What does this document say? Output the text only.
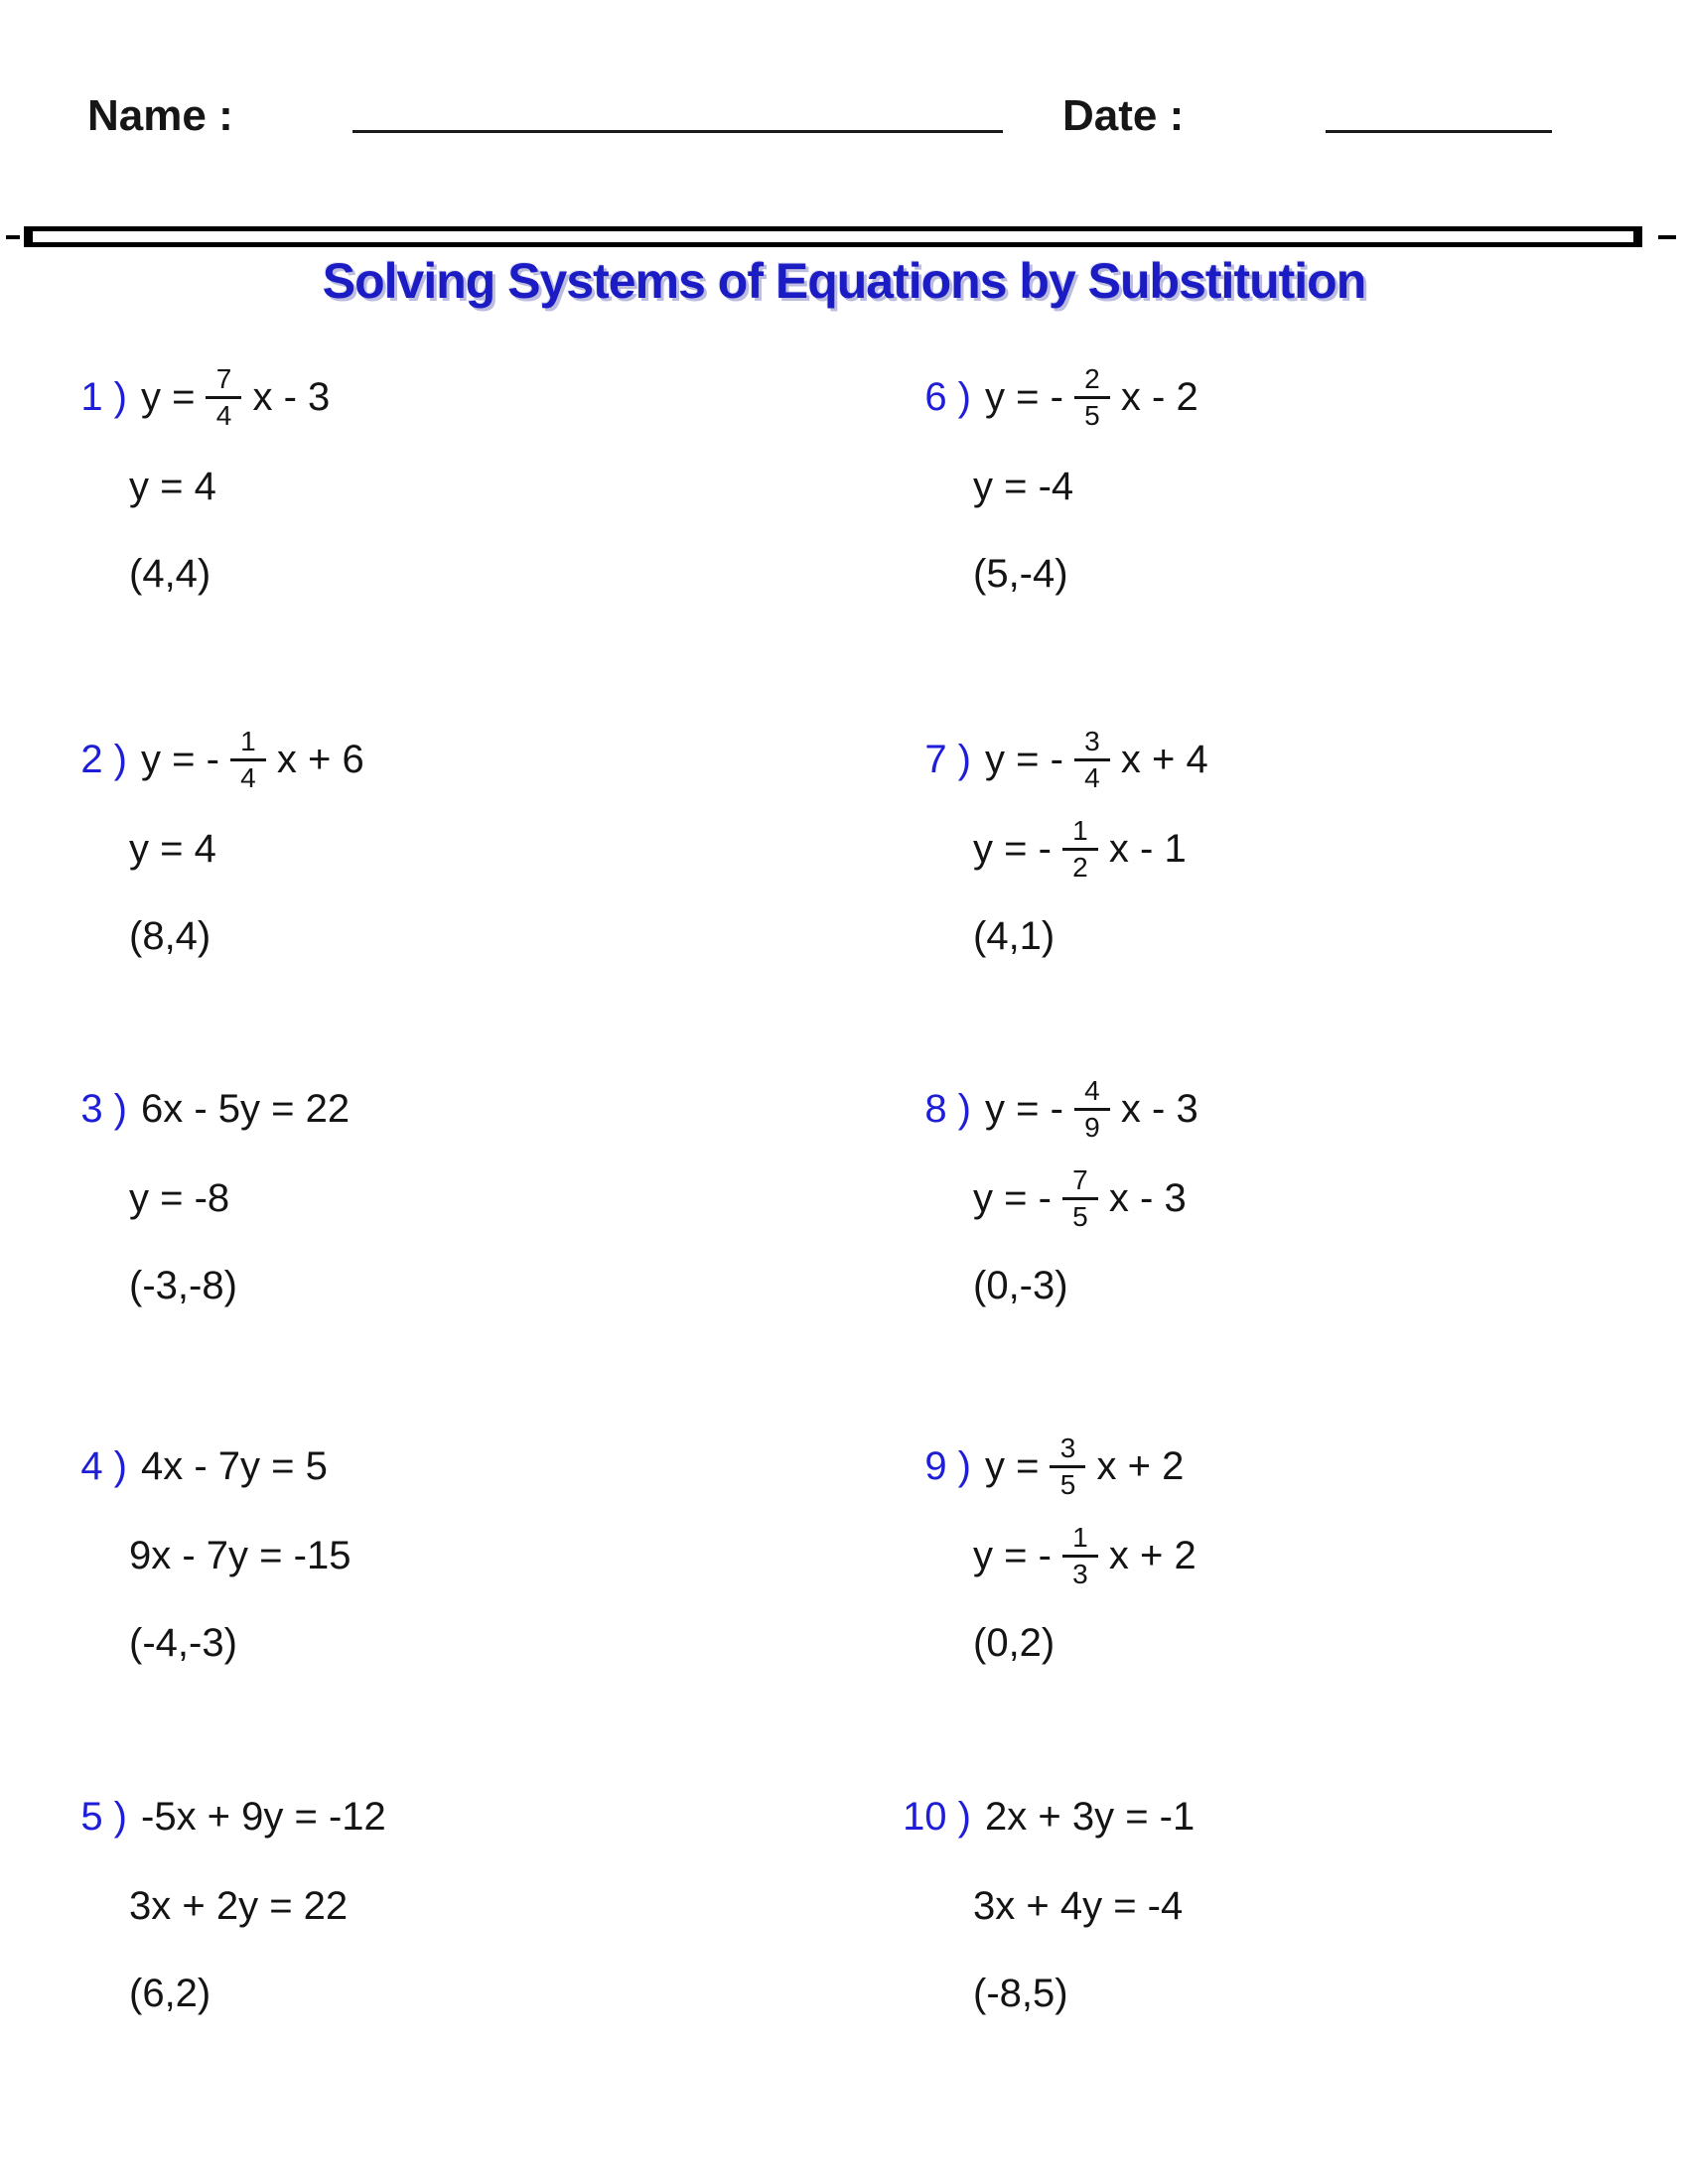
Name :	Date :
Solving Systems of Equations by Substitution
1 ) $y = \frac{7}{4}$ x - 3
y = 4
(4,4)
2 ) y = - $\frac{1}{4}$ x + 6
y = 4
(8,4)
3 ) 6x - 5y = 22
y = -8
(-3,-8)
4 ) 4x - 7y = 5
9x - 7y = -15
(-4,-3)
5 ) -5x + 9y = -12
3x + 2y = 22
(6,2)
6 ) y = - $\frac{2}{5}$ x - 2
y = -4
(5,-4)
7 ) y = - $\frac{3}{4}$ x + 4
y = - $\frac{1}{2}$ x - 1
(4,1)
8 ) y = - $\frac{4}{9}$ x - 3
y = - $\frac{7}{5}$ x - 3
(0,-3)
9 ) $y = \frac{3}{5}$ x + 2
y = - $\frac{1}{3}$ x + 2
(0,2)
10 ) 2x + 3y = -1
3x + 4y = -4
(-8,5)
